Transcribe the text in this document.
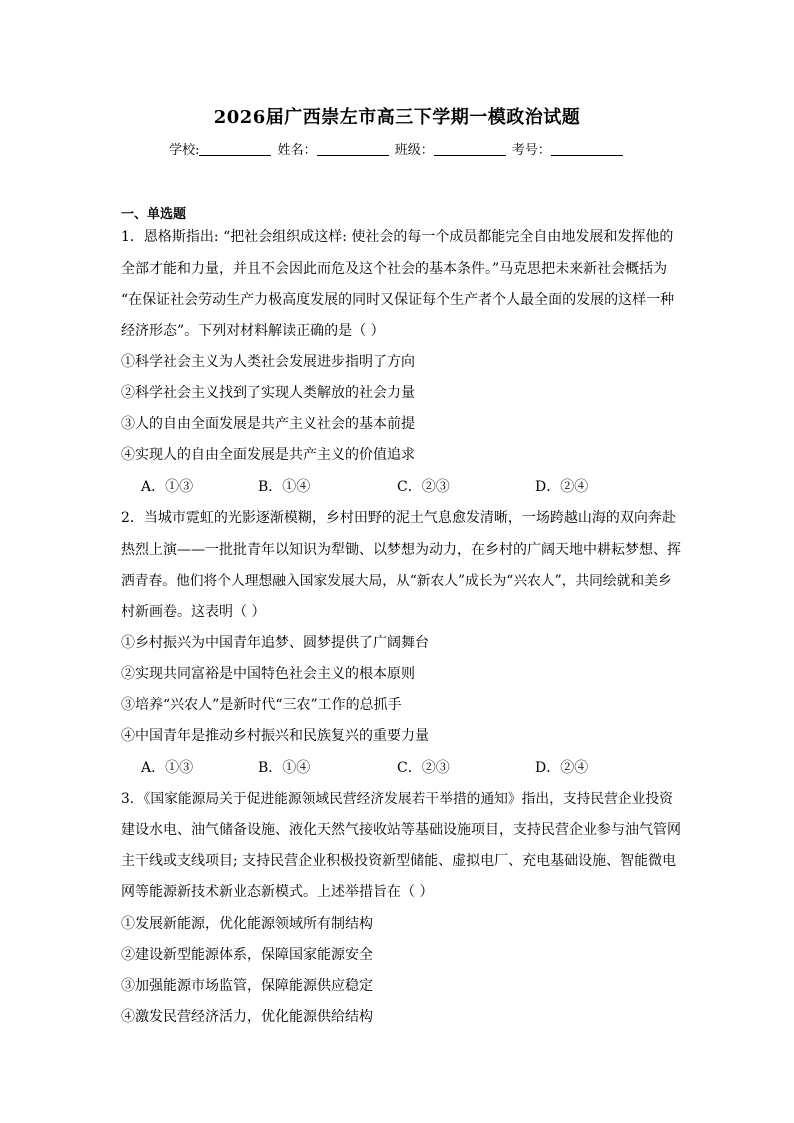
2026届广西崇左市高三下学期一模政治试题
学校:	姓名：	班级：	考号：
一、单选题
1．恩格斯指出: “把社会组织成这样: 使社会的每一个成员都能完全自由地发展和发挥他的
全部才能和力量，并且不会因此而危及这个社会的基本条件。”马克思把未来新社会概括为
“在保证社会劳动生产力极高度发展的同时又保证每个生产者个人最全面的发展的这样一种
经济形态”。下列对材料解读正确的是（ ）
①科学社会主义为人类社会发展进步指明了方向
②科学社会主义找到了实现人类解放的社会力量
③人的自由全面发展是共产主义社会的基本前提
④实现人的自由全面发展是共产主义的价值追求
A．①③	B．①④	C．②③	D．②④
2．当城市霓虹的光影逐渐模糊，乡村田野的泥土气息愈发清晰，一场跨越山海的双向奔赴
热烈上演——一批批青年以知识为犁锄、以梦想为动力，在乡村的广阔天地中耕耘梦想、挥
洒青春。他们将个人理想融入国家发展大局，从“新农人”成长为“兴农人”，共同绘就和美乡
村新画卷。这表明（ ）
①乡村振兴为中国青年追梦、圆梦提供了广阔舞台
②实现共同富裕是中国特色社会主义的根本原则
③培养“兴农人”是新时代“三农”工作的总抓手
④中国青年是推动乡村振兴和民族复兴的重要力量
A．①③	B．①④	C．②③	D．②④
3．《国家能源局关于促进能源领域民营经济发展若干举措的通知》指出，支持民营企业投资
建设水电、油气储备设施、液化天然气接收站等基础设施项目，支持民营企业参与油气管网
主干线或支线项目; 支持民营企业积极投资新型储能、虚拟电厂、充电基础设施、智能微电
网等能源新技术新业态新模式。上述举措旨在（ ）
①发展新能源，优化能源领域所有制结构
②建设新型能源体系，保障国家能源安全
③加强能源市场监管，保障能源供应稳定
④激发民营经济活力，优化能源供给结构
